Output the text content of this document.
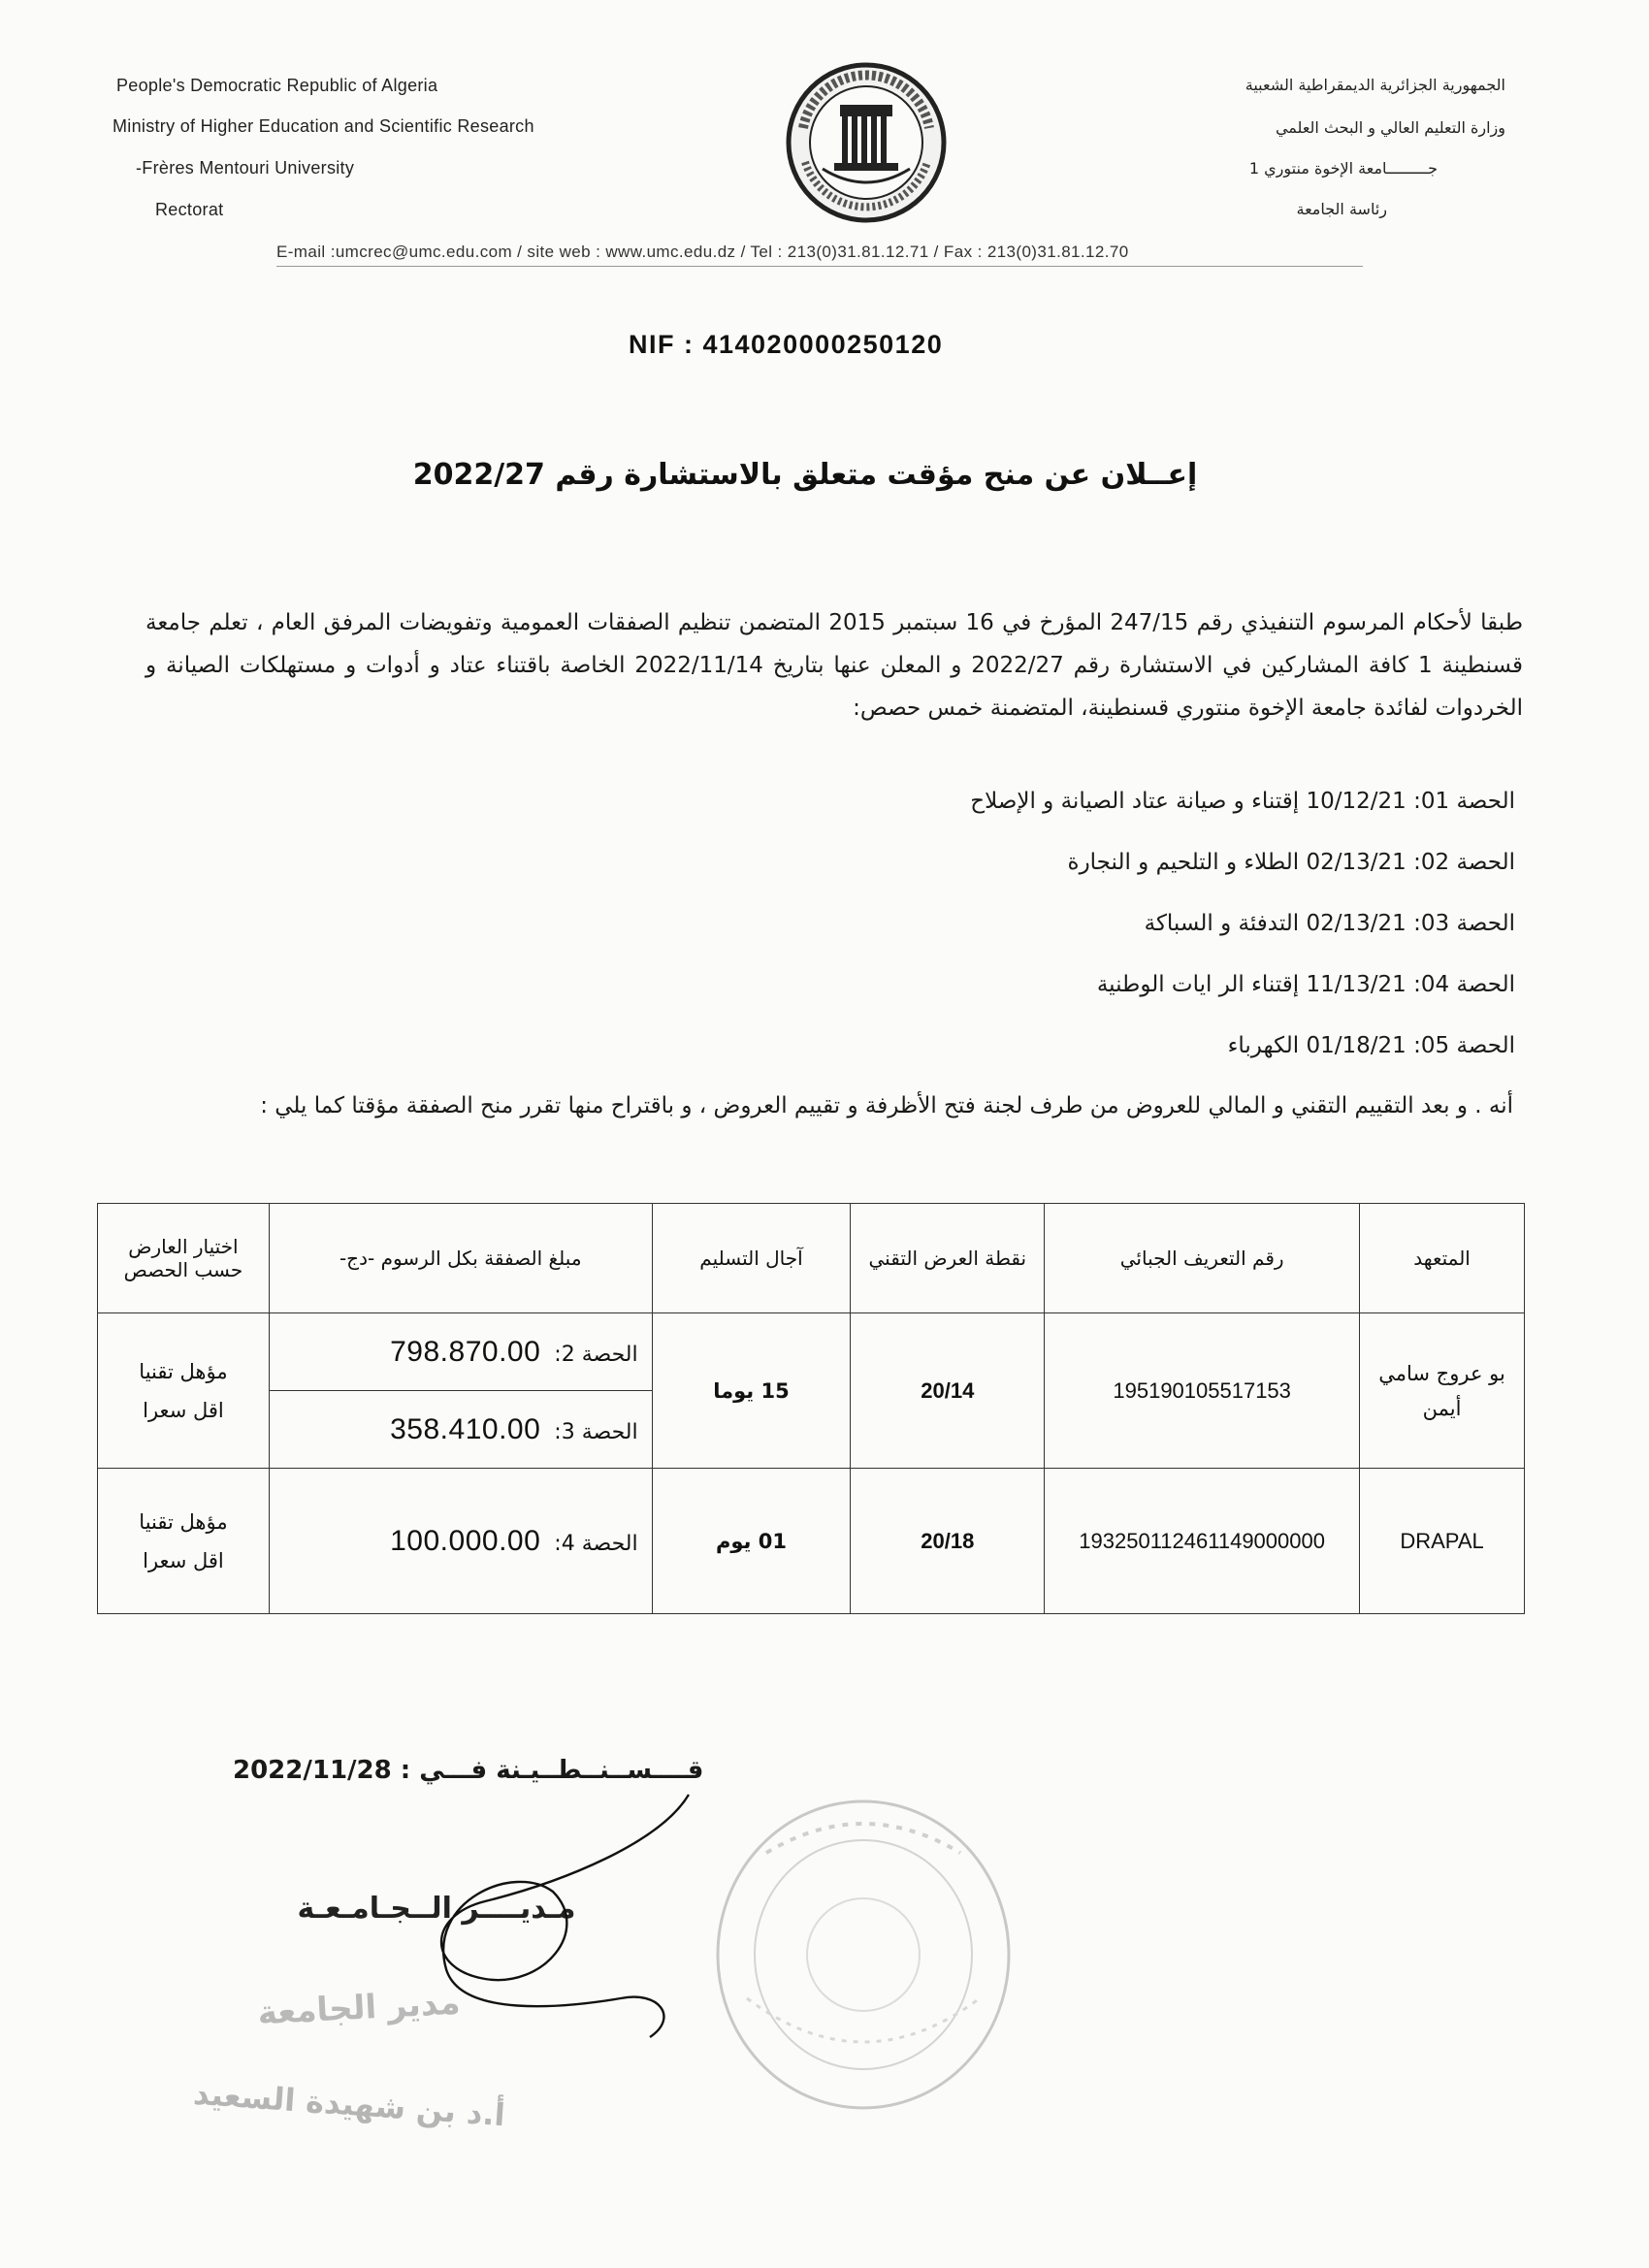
People's Democratic Republic of Algeria
Ministry of Higher Education and Scientific Research
-Frères Mentouri University
Rectorat
الجمهورية الجزائرية الديمقراطية الشعبية
وزارة التعليم العالي و البحث العلمي
جـــــــــامعة الإخوة منتوري 1
رئاسة الجامعة
E-mail :umcrec@umc.edu.com / site web : www.umc.edu.dz / Tel : 213(0)31.81.12.71 / Fax : 213(0)31.81.12.70
NIF : 414020000250120
إعــلان عن منح مؤقت متعلق بالاستشارة رقم 2022/27
طبقا لأحكام المرسوم التنفيذي رقم 247/15 المؤرخ في 16 سبتمبر 2015 المتضمن تنظيم الصفقات العمومية وتفويضات المرفق العام ، تعلم جامعة قسنطينة 1 كافة المشاركين في الاستشارة رقم 2022/27 و المعلن عنها بتاريخ 2022/11/14 الخاصة باقتناء عتاد و أدوات و مستهلكات الصيانة و الخردوات لفائدة جامعة الإخوة منتوري قسنطينة، المتضمنة خمس حصص:
الحصة 01: 10/12/21 إقتناء و صيانة عتاد الصيانة و الإصلاح
الحصة 02: 02/13/21 الطلاء و التلحيم و النجارة
الحصة 03: 02/13/21 التدفئة و السباكة
الحصة 04: 11/13/21 إقتناء الر ايات الوطنية
الحصة 05: 01/18/21 الكهرباء
أنه . و بعد التقييم التقني و المالي للعروض من طرف لجنة فتح الأظرفة و تقييم العروض ، و باقتراح منها تقرر منح الصفقة مؤقتا كما يلي :
المتعهد	رقم التعريف الجبائي	نقطة العرض التقني	آجال التسليم	مبلغ الصفقة بكل الرسوم -دج-	اختيار العارض حسب الحصص
بو عروج سامي أيمن	195190105517153	20/14	15 يوما	الحصة 2:798.870.00	مؤهل تقنيا
اقل سعرا

				الحصة 3:358.410.00	
DRAPAL	193250112461149000000	20/18	01 يوم	الحصة 4:100.000.00	مؤهل تقنيا
اقل سعرا
قــــســنــطــيـنة فـــي : 2022/11/28
مـديــــر الــجـامـعـة
مدير الجامعة
أ.د بن شهيدة السعيد
